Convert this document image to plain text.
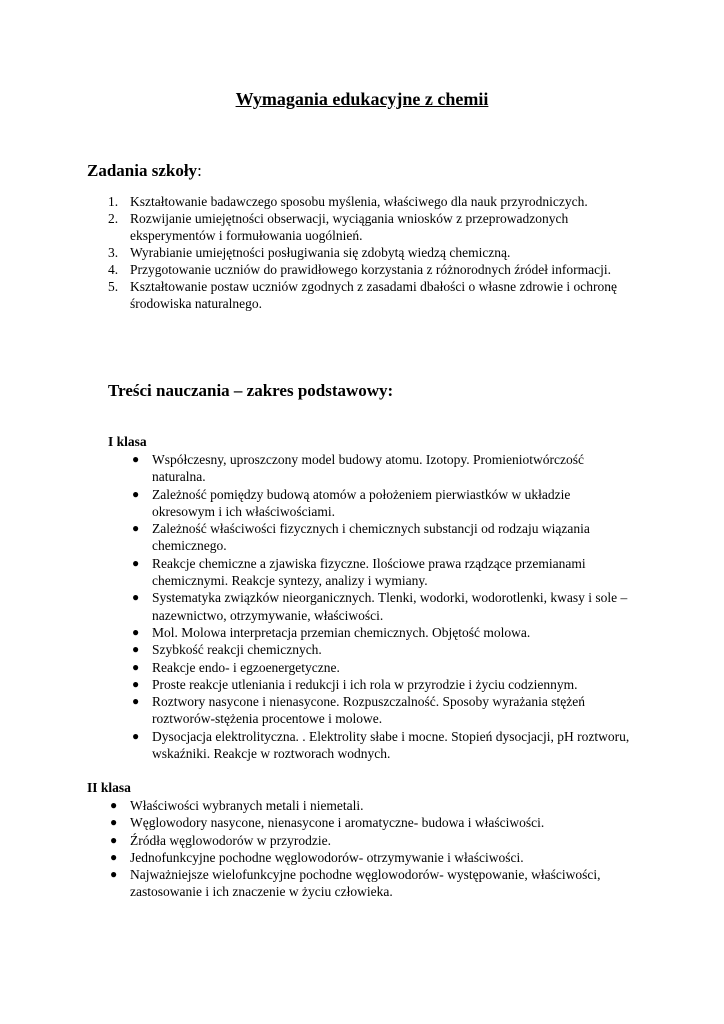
Wymagania edukacyjne z chemii
Zadania szkoły:
1. Kształtowanie badawczego sposobu myślenia, właściwego dla nauk przyrodniczych.
2. Rozwijanie umiejętności obserwacji, wyciągania wniosków z przeprowadzonych eksperymentów i formułowania uogólnień.
3. Wyrabianie umiejętności posługiwania się zdobytą wiedzą chemiczną.
4. Przygotowanie uczniów do prawidłowego korzystania z różnorodnych źródeł informacji.
5. Kształtowanie postaw uczniów zgodnych z zasadami dbałości o własne zdrowie i ochronę środowiska naturalnego.
Treści nauczania – zakres podstawowy:
I klasa
● Współczesny, uproszczony model budowy atomu. Izotopy. Promieniotwórczość naturalna.
● Zależność pomiędzy budową atomów a położeniem pierwiastków w układzie okresowym i ich właściwościami.
● Zależność właściwości fizycznych i chemicznych substancji od rodzaju wiązania chemicznego.
● Reakcje chemiczne a zjawiska fizyczne. Ilościowe prawa rządzące przemianami chemicznymi. Reakcje syntezy, analizy i wymiany.
● Systematyka związków nieorganicznych. Tlenki, wodorki, wodorotlenki, kwasy i sole – nazewnictwo, otrzymywanie, właściwości.
● Mol. Molowa interpretacja przemian chemicznych. Objętość molowa.
● Szybkość reakcji chemicznych.
● Reakcje endo- i egzoenergetyczne.
● Proste reakcje utleniania i redukcji i ich rola w przyrodzie i życiu codziennym.
● Roztwory nasycone i nienasycone. Rozpuszczalność. Sposoby wyrażania stężeń roztworów-stężenia procentowe i molowe.
● Dysocjacja elektrolityczna. . Elektrolity słabe i mocne. Stopień dysocjacji, pH roztworu, wskaźniki. Reakcje w roztworach wodnych.
II klasa
● Właściwości wybranych metali i niemetali.
● Węglowodory nasycone, nienasycone i aromatyczne- budowa i właściwości.
● Źródła węglowodorów w przyrodzie.
● Jednofunkcyjne pochodne węglowodorów- otrzymywanie i właściwości.
● Najważniejsze wielofunkcyjne pochodne węglowodorów- występowanie, właściwości, zastosowanie i ich znaczenie w życiu człowieka.
